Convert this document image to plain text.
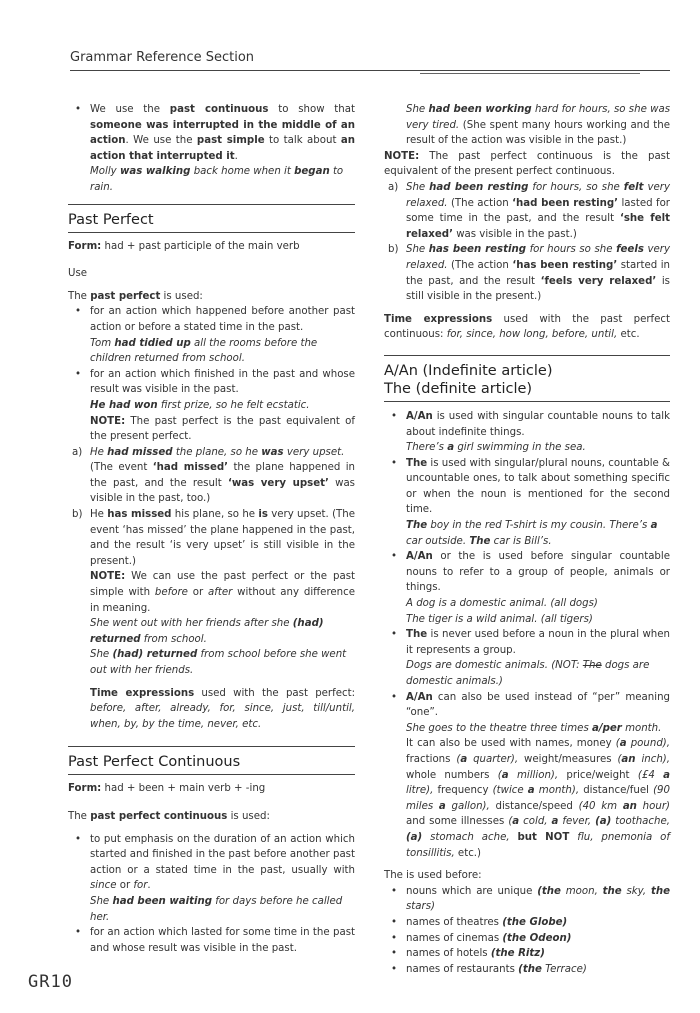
Grammar Reference Section
• We use the past continuous to show that someone was interrupted in the middle of an action. We use the past simple to talk about an action that interrupted it.
Molly was walking back home when it began to rain.
Past Perfect
Form: had + past participle of the main verb
Use
The past perfect is used:
• for an action which happened before another past action or before a stated time in the past.
Tom had tidied up all the rooms before the children returned from school.
• for an action which finished in the past and whose result was visible in the past.
He had won first prize, so he felt ecstatic.
NOTE: The past perfect is the past equivalent of the present perfect.
a) He had missed the plane, so he was very upset.
(The event ‘had missed’ the plane happened in the past, and the result ‘was very upset’ was visible in the past, too.)
b) He has missed his plane, so he is very upset. (The event ‘has missed’ the plane happened in the past, and the result ‘is very upset’ is still visible in the present.)
NOTE: We can use the past perfect or the past simple with before or after without any difference in meaning.
She went out with her friends after she (had) returned from school.
She (had) returned from school before she went out with her friends.
Time expressions used with the past perfect: before, after, already, for, since, just, till/until, when, by, by the time, never, etc.
Past Perfect Continuous
Form: had + been + main verb + -ing
The past perfect continuous is used:
• to put emphasis on the duration of an action which started and finished in the past before another past action or a stated time in the past, usually with since or for.
She had been waiting for days before he called her.
• for an action which lasted for some time in the past and whose result was visible in the past.
She had been working hard for hours, so she was very tired. (She spent many hours working and the result of the action was visible in the past.)
NOTE: The past perfect continuous is the past equivalent of the present perfect continuous.
a) She had been resting for hours, so she felt very relaxed. (The action ‘had been resting’ lasted for some time in the past, and the result ‘she felt relaxed’ was visible in the past.)
b) She has been resting for hours so she feels very relaxed. (The action ‘has been resting’ started in the past, and the result ‘feels very relaxed’ is still visible in the present.)
Time expressions used with the past perfect continuous: for, since, how long, before, until, etc.
A/An (Indefinite article)
The (definite article)
• A/An is used with singular countable nouns to talk about indefinite things.
There’s a girl swimming in the sea.
• The is used with singular/plural nouns, countable & uncountable ones, to talk about something specific or when the noun is mentioned for the second time.
The boy in the red T-shirt is my cousin. There’s a car outside. The car is Bill’s.
• A/An or the is used before singular countable nouns to refer to a group of people, animals or things.
A dog is a domestic animal. (all dogs)
The tiger is a wild animal. (all tigers)
• The is never used before a noun in the plural when it represents a group.
Dogs are domestic animals. (NOT: The dogs are domestic animals.)
• A/An can also be used instead of “per” meaning “one”.
She goes to the theatre three times a/per month.
It can also be used with names, money (a pound), fractions (a quarter), weight/measures (an inch), whole numbers (a million), price/weight (£4 a litre), frequency (twice a month), distance/fuel (90 miles a gallon), distance/speed (40 km an hour) and some illnesses (a cold, a fever, (a) toothache, (a) stomach ache, but NOT flu, pnemonia of tonsillitis, etc.)
The is used before:
• nouns which are unique (the moon, the sky, the stars)
• names of theatres (the Globe)
• names of cinemas (the Odeon)
• names of hotels (the Ritz)
• names of restaurants (the Terrace)
GR10
